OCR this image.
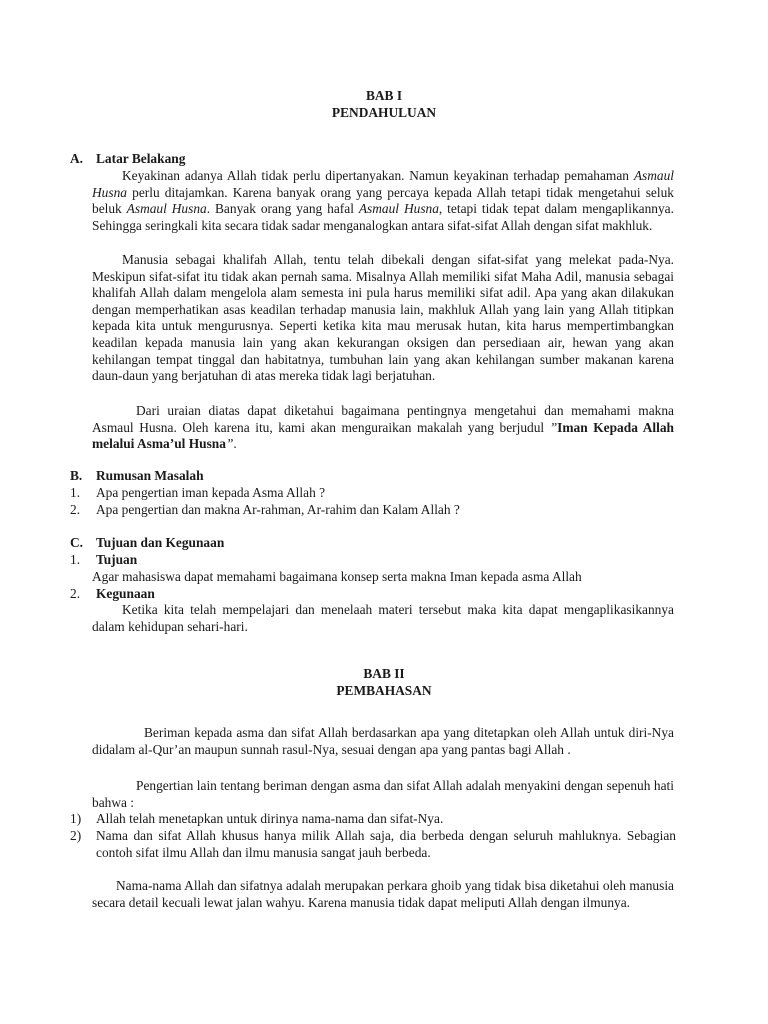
BAB I
PENDAHULUAN
A. Latar Belakang
Keyakinan adanya Allah tidak perlu dipertanyakan. Namun keyakinan terhadap pemahaman Asmaul Husna perlu ditajamkan. Karena banyak orang yang percaya kepada Allah tetapi tidak mengetahui seluk beluk Asmaul Husna. Banyak orang yang hafal Asmaul Husna, tetapi tidak tepat dalam mengaplikannya. Sehingga seringkali kita secara tidak sadar menganalogkan antara sifat-sifat Allah dengan sifat makhluk.
Manusia sebagai khalifah Allah, tentu telah dibekali dengan sifat-sifat yang melekat pada-Nya. Meskipun sifat-sifat itu tidak akan pernah sama. Misalnya Allah memiliki sifat Maha Adil, manusia sebagai khalifah Allah dalam mengelola alam semesta ini pula harus memiliki sifat adil. Apa yang akan dilakukan dengan memperhatikan asas keadilan terhadap manusia lain, makhluk Allah yang lain yang Allah titipkan kepada kita untuk mengurusnya. Seperti ketika kita mau merusak hutan, kita harus mempertimbangkan keadilan kepada manusia lain yang akan kekurangan oksigen dan persediaan air, hewan yang akan kehilangan tempat tinggal dan habitatnya, tumbuhan lain yang akan kehilangan sumber makanan karena daun-daun yang berjatuhan di atas mereka tidak lagi berjatuhan.
Dari uraian diatas dapat diketahui bagaimana pentingnya mengetahui dan memahami makna Asmaul Husna. Oleh karena itu, kami akan menguraikan makalah yang berjudul ”Iman Kepada Allah melalui Asma’ul Husna”.
B. Rumusan Masalah
1. Apa pengertian iman kepada Asma Allah ?
2. Apa pengertian dan makna Ar-rahman, Ar-rahim dan Kalam Allah ?
C. Tujuan dan Kegunaan
1. Tujuan
Agar mahasiswa dapat memahami bagaimana konsep serta makna Iman kepada asma Allah
2. Kegunaan
Ketika kita telah mempelajari dan menelaah materi tersebut maka kita dapat mengaplikasikannya dalam kehidupan sehari-hari.
BAB II
PEMBAHASAN
Beriman kepada asma dan sifat Allah berdasarkan apa yang ditetapkan oleh Allah untuk diri-Nya didalam al-Qur’an maupun sunnah rasul-Nya, sesuai dengan apa yang pantas bagi Allah .
Pengertian lain tentang beriman dengan asma dan sifat Allah adalah menyakini dengan sepenuh hati bahwa :
1) Allah telah menetapkan untuk dirinya nama-nama dan sifat-Nya.
2) Nama dan sifat Allah khusus hanya milik Allah saja, dia berbeda dengan seluruh mahluknya. Sebagian contoh sifat ilmu Allah dan ilmu manusia sangat jauh berbeda.
Nama-nama Allah dan sifatnya adalah merupakan perkara ghoib yang tidak bisa diketahui oleh manusia secara detail kecuali lewat jalan wahyu. Karena manusia tidak dapat meliputi Allah dengan ilmunya.
